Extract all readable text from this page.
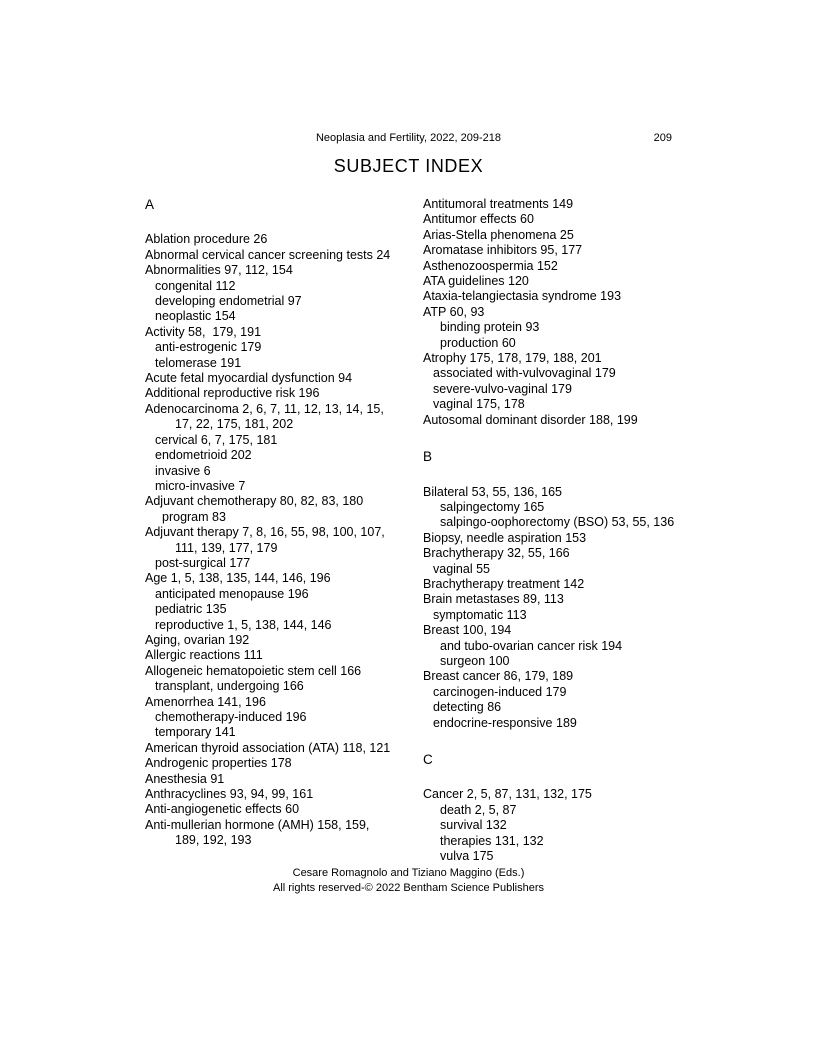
Neoplasia and Fertility, 2022, 209-218	209
SUBJECT INDEX
A
Ablation procedure 26
Abnormal cervical cancer screening tests 24
Abnormalities 97, 112, 154
congenital 112
developing endometrial 97
neoplastic 154
Activity 58,  179, 191
anti-estrogenic 179
telomerase 191
Acute fetal myocardial dysfunction 94
Additional reproductive risk 196
Adenocarcinoma 2, 6, 7, 11, 12, 13, 14, 15,
17, 22, 175, 181, 202
cervical 6, 7, 175, 181
endometrioid 202
invasive 6
micro-invasive 7
Adjuvant chemotherapy 80, 82, 83, 180
program 83
Adjuvant therapy 7, 8, 16, 55, 98, 100, 107,
111, 139, 177, 179
post-surgical 177
Age 1, 5, 138, 135, 144, 146, 196
anticipated menopause 196
pediatric 135
reproductive 1, 5, 138, 144, 146
Aging, ovarian 192
Allergic reactions 111
Allogeneic hematopoietic stem cell 166
transplant, undergoing 166
Amenorrhea 141, 196
chemotherapy-induced 196
temporary 141
American thyroid association (ATA) 118, 121
Androgenic properties 178
Anesthesia 91
Anthracyclines 93, 94, 99, 161
Anti-angiogenetic effects 60
Anti-mullerian hormone (AMH) 158, 159,
189, 192, 193
Antitumoral treatments 149
Antitumor effects 60
Arias-Stella phenomena 25
Aromatase inhibitors 95, 177
Asthenozoospermia 152
ATA guidelines 120
Ataxia-telangiectasia syndrome 193
ATP 60, 93
binding protein 93
production 60
Atrophy 175, 178, 179, 188, 201
associated with-vulvovaginal 179
severe-vulvo-vaginal 179
vaginal 175, 178
Autosomal dominant disorder 188, 199
B
Bilateral 53, 55, 136, 165
salpingectomy 165
salpingo-oophorectomy (BSO) 53, 55, 136
Biopsy, needle aspiration 153
Brachytherapy 32, 55, 166
vaginal 55
Brachytherapy treatment 142
Brain metastases 89, 113
symptomatic 113
Breast 100, 194
and tubo-ovarian cancer risk 194
surgeon 100
Breast cancer 86, 179, 189
carcinogen-induced 179
detecting 86
endocrine-responsive 189
C
Cancer 2, 5, 87, 131, 132, 175
death 2, 5, 87
survival 132
therapies 131, 132
vulva 175
Cesare Romagnolo and Tiziano Maggino (Eds.)
All rights reserved-© 2022 Bentham Science Publishers
